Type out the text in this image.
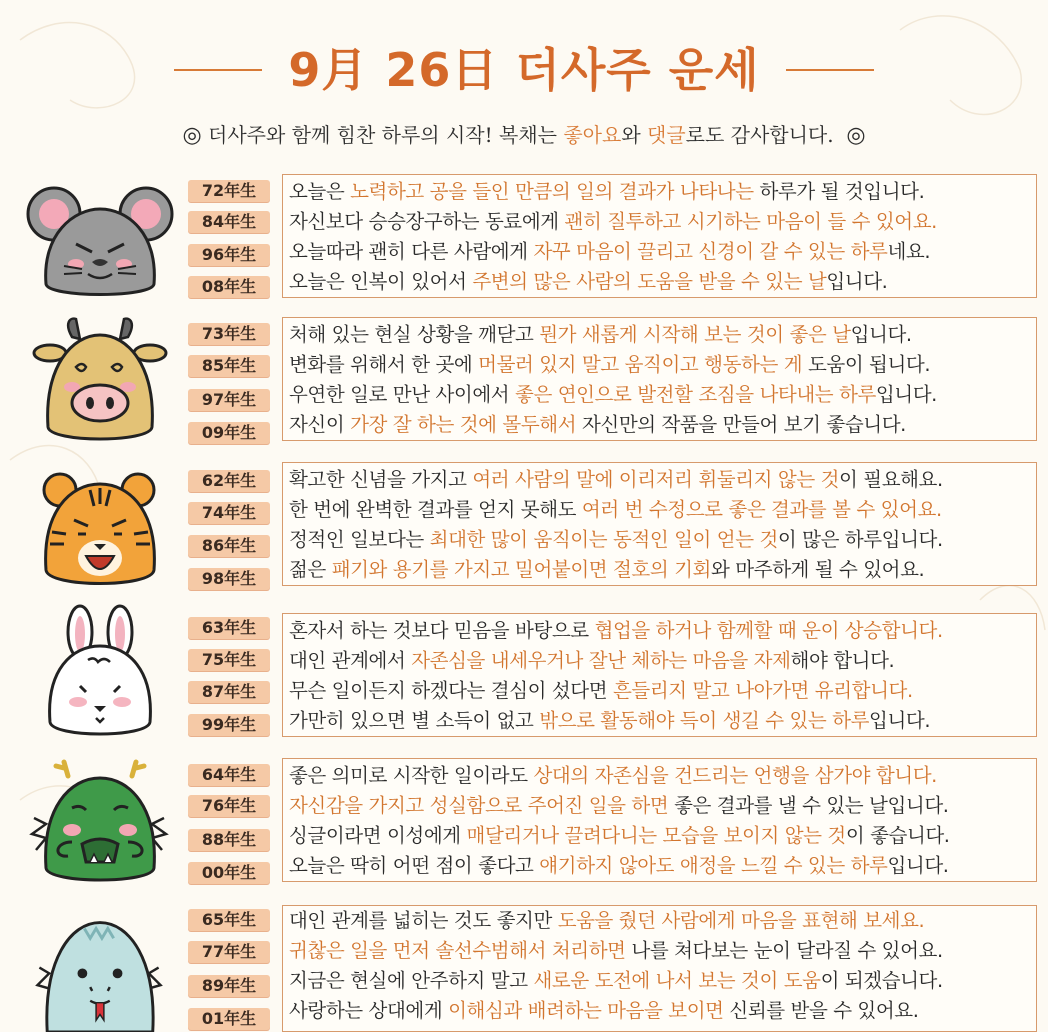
9月 26日 더사주 운세
◎ 더사주와 함께 힘찬 하루의 시작! 복채는 좋아요와 댓글로도 감사합니다. ◎
72年生
84年生
96年生
08年生
오늘은 노력하고 공을 들인 만큼의 일의 결과가 나타나는 하루가 될 것입니다.
자신보다 승승장구하는 동료에게 괜히 질투하고 시기하는 마음이 들 수 있어요.
오늘따라 괜히 다른 사람에게 자꾸 마음이 끌리고 신경이 갈 수 있는 하루네요.
오늘은 인복이 있어서 주변의 많은 사람의 도움을 받을 수 있는 날입니다.
73年生
85年生
97年生
09年生
처해 있는 현실 상황을 깨닫고 뭔가 새롭게 시작해 보는 것이 좋은 날입니다.
변화를 위해서 한 곳에 머물러 있지 말고 움직이고 행동하는 게 도움이 됩니다.
우연한 일로 만난 사이에서 좋은 연인으로 발전할 조짐을 나타내는 하루입니다.
자신이 가장 잘 하는 것에 몰두해서 자신만의 작품을 만들어 보기 좋습니다.
62年生
74年生
86年生
98年生
확고한 신념을 가지고 여러 사람의 말에 이리저리 휘둘리지 않는 것이 필요해요.
한 번에 완벽한 결과를 얻지 못해도 여러 번 수정으로 좋은 결과를 볼 수 있어요.
정적인 일보다는 최대한 많이 움직이는 동적인 일이 얻는 것이 많은 하루입니다.
젊은 패기와 용기를 가지고 밀어붙이면 절호의 기회와 마주하게 될 수 있어요.
63年生
75年生
87年生
99年生
혼자서 하는 것보다 믿음을 바탕으로 협업을 하거나 함께할 때 운이 상승합니다.
대인 관계에서 자존심을 내세우거나 잘난 체하는 마음을 자제해야 합니다.
무슨 일이든지 하겠다는 결심이 섰다면 흔들리지 말고 나아가면 유리합니다.
가만히 있으면 별 소득이 없고 밖으로 활동해야 득이 생길 수 있는 하루입니다.
64年生
76年生
88年生
00年生
좋은 의미로 시작한 일이라도 상대의 자존심을 건드리는 언행을 삼가야 합니다.
자신감을 가지고 성실함으로 주어진 일을 하면 좋은 결과를 낼 수 있는 날입니다.
싱글이라면 이성에게 매달리거나 끌려다니는 모습을 보이지 않는 것이 좋습니다.
오늘은 딱히 어떤 점이 좋다고 얘기하지 않아도 애정을 느낄 수 있는 하루입니다.
65年生
77年生
89年生
01年生
대인 관계를 넓히는 것도 좋지만 도움을 줬던 사람에게 마음을 표현해 보세요.
귀찮은 일을 먼저 솔선수범해서 처리하면 나를 쳐다보는 눈이 달라질 수 있어요.
지금은 현실에 안주하지 말고 새로운 도전에 나서 보는 것이 도움이 되겠습니다.
사랑하는 상대에게 이해심과 배려하는 마음을 보이면 신뢰를 받을 수 있어요.
